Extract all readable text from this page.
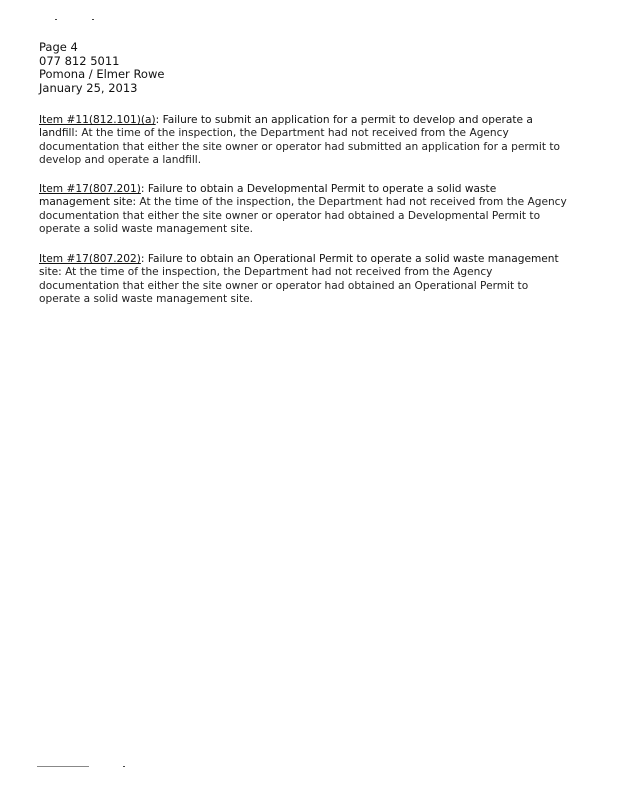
Page 4
077 812 5011
Pomona / Elmer Rowe
January 25, 2013
Item #11(812.101)(a): Failure to submit an application for a permit to develop and operate a landfill: At the time of the inspection, the Department had not received from the Agency documentation that either the site owner or operator had submitted an application for a permit to develop and operate a landfill.
Item #17(807.201): Failure to obtain a Developmental Permit to operate a solid waste management site: At the time of the inspection, the Department had not received from the Agency documentation that either the site owner or operator had obtained a Developmental Permit to operate a solid waste management site.
Item #17(807.202): Failure to obtain an Operational Permit to operate a solid waste management site: At the time of the inspection, the Department had not received from the Agency documentation that either the site owner or operator had obtained an Operational Permit to operate a solid waste management site.
